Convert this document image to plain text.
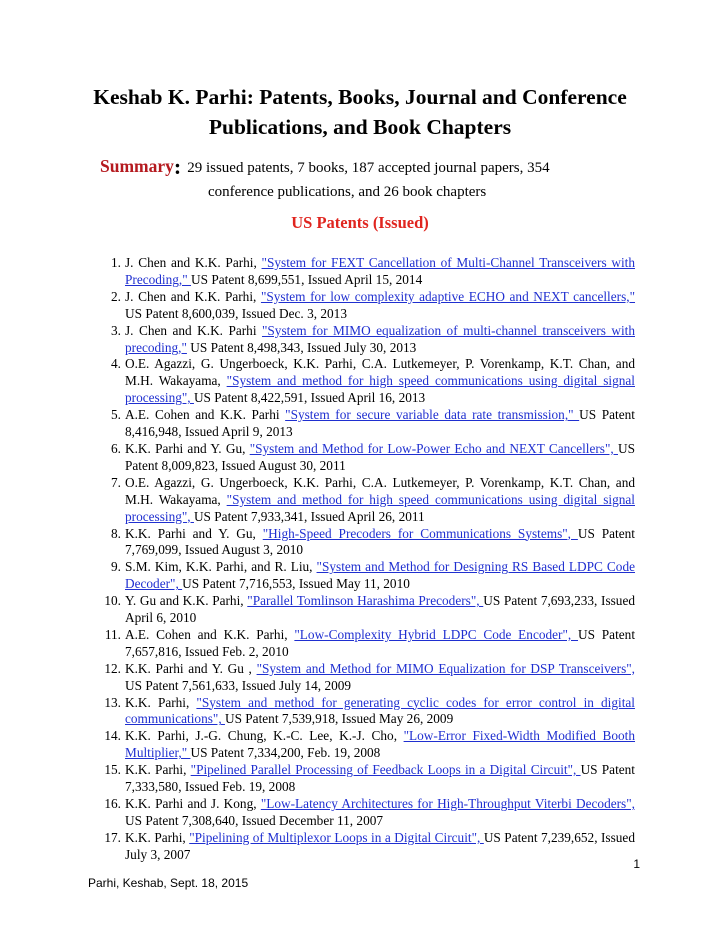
Keshab K. Parhi: Patents, Books, Journal and Conference
Publications, and Book Chapters
Summary: 29 issued patents, 7 books, 187 accepted journal papers, 354
conference publications, and 26 book chapters
US Patents (Issued)
1. J. Chen and K.K. Parhi, "System for FEXT Cancellation of Multi-Channel Transceivers with Precoding," US Patent 8,699,551, Issued April 15, 2014
2. J. Chen and K.K. Parhi, "System for low complexity adaptive ECHO and NEXT cancellers," US Patent 8,600,039, Issued Dec. 3, 2013
3. J. Chen and K.K. Parhi "System for MIMO equalization of multi-channel transceivers with precoding," US Patent 8,498,343, Issued July 30, 2013
4. O.E. Agazzi, G. Ungerboeck, K.K. Parhi, C.A. Lutkemeyer, P. Vorenkamp, K.T. Chan, and M.H. Wakayama, "System and method for high speed communications using digital signal processing", US Patent 8,422,591, Issued April 16, 2013
5. A.E. Cohen and K.K. Parhi "System for secure variable data rate transmission," US Patent 8,416,948, Issued April 9, 2013
6. K.K. Parhi and Y. Gu, "System and Method for Low-Power Echo and NEXT Cancellers", US Patent 8,009,823, Issued August 30, 2011
7. O.E. Agazzi, G. Ungerboeck, K.K. Parhi, C.A. Lutkemeyer, P. Vorenkamp, K.T. Chan, and M.H. Wakayama, "System and method for high speed communications using digital signal processing", US Patent 7,933,341, Issued April 26, 2011
8. K.K. Parhi and Y. Gu, "High-Speed Precoders for Communications Systems", US Patent 7,769,099, Issued August 3, 2010
9. S.M. Kim, K.K. Parhi, and R. Liu, "System and Method for Designing RS Based LDPC Code Decoder", US Patent 7,716,553, Issued May 11, 2010
10. Y. Gu and K.K. Parhi, "Parallel Tomlinson Harashima Precoders", US Patent 7,693,233, Issued April 6, 2010
11. A.E. Cohen and K.K. Parhi, "Low-Complexity Hybrid LDPC Code Encoder", US Patent 7,657,816, Issued Feb. 2, 2010
12. K.K. Parhi and Y. Gu , "System and Method for MIMO Equalization for DSP Transceivers", US Patent 7,561,633, Issued July 14, 2009
13. K.K. Parhi, "System and method for generating cyclic codes for error control in digital communications", US Patent 7,539,918, Issued May 26, 2009
14. K.K. Parhi, J.-G. Chung, K.-C. Lee, K.-J. Cho, "Low-Error Fixed-Width Modified Booth Multiplier," US Patent 7,334,200, Feb. 19, 2008
15. K.K. Parhi, "Pipelined Parallel Processing of Feedback Loops in a Digital Circuit", US Patent 7,333,580, Issued Feb. 19, 2008
16. K.K. Parhi and J. Kong, "Low-Latency Architectures for High-Throughput Viterbi Decoders", US Patent 7,308,640, Issued December 11, 2007
17. K.K. Parhi, "Pipelining of Multiplexor Loops in a Digital Circuit", US Patent 7,239,652, Issued July 3, 2007
1
Parhi, Keshab, Sept. 18, 2015
